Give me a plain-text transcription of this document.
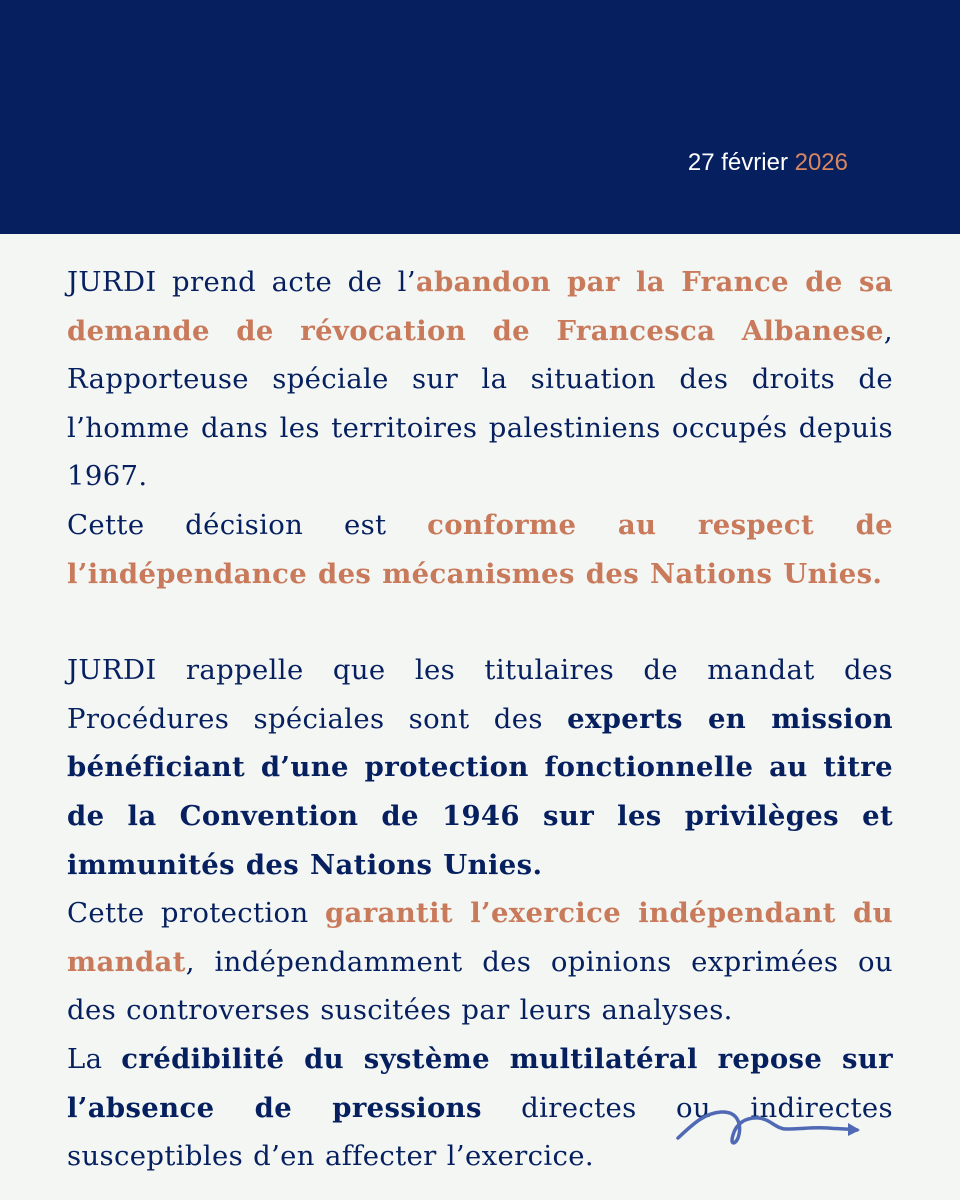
27 février 2026

JURDI prend acte de l’abandon par la France de sa demande de révocation de Francesca Albanese, Rapporteuse spéciale sur la situation des droits de l’homme dans les territoires palestiniens occupés depuis 1967.

Cette décision est conforme au respect de l’indépendance des mécanismes des Nations Unies.

JURDI rappelle que les titulaires de mandat des Procédures spéciales sont des experts en mission bénéficiant d’une protection fonctionnelle au titre de la Convention de 1946 sur les privilèges et immunités des Nations Unies.

Cette protection garantit l’exercice indépendant du mandat, indépendamment des opinions exprimées ou des controverses suscitées par leurs analyses.

La crédibilité du système multilatéral repose sur l’absence de pressions directes ou indirectes susceptibles d’en affecter l’exercice.
